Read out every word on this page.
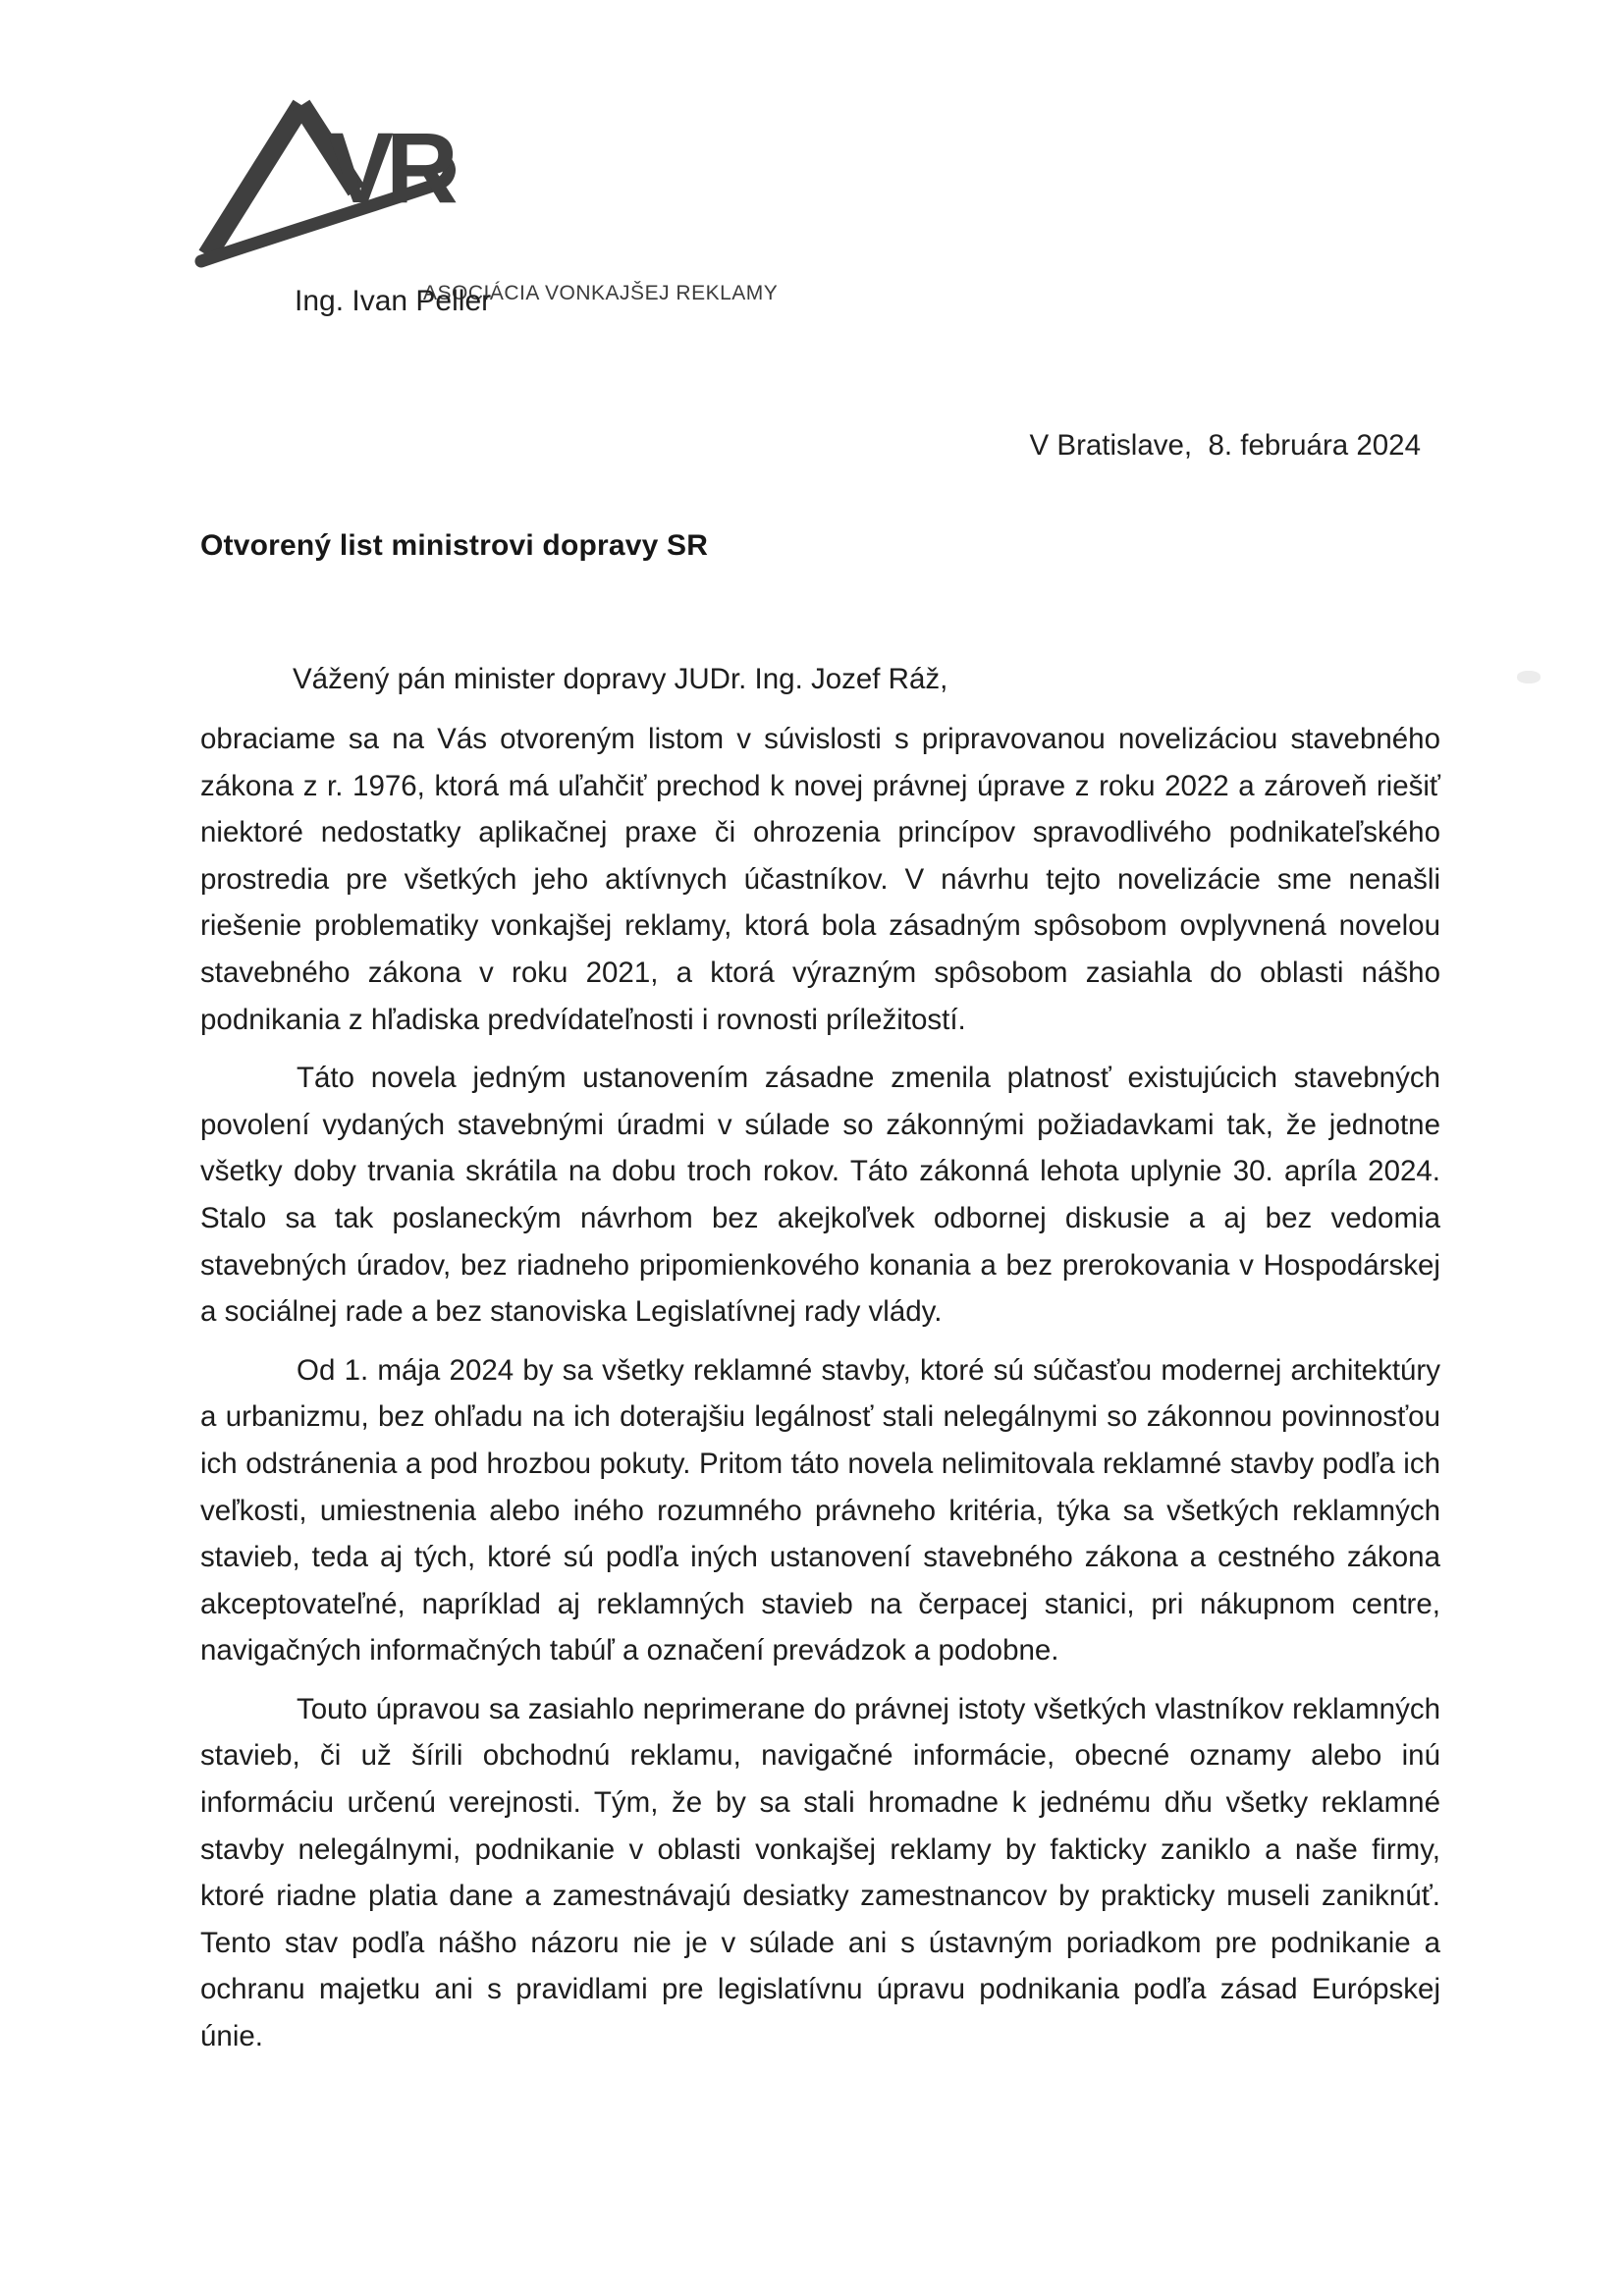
VR
ASOCIÁCIA VONKAJŠEJ REKLAMY
Ing. Ivan Peller
V Bratislave,  8. februára 2024
Otvorený list ministrovi dopravy SR
Vážený pán minister dopravy JUDr. Ing. Jozef Ráž,

obraciame sa na Vás otvoreným listom v súvislosti s pripravovanou novelizáciou stavebného zákona z r. 1976, ktorá má uľahčiť prechod k novej právnej úprave z roku 2022 a zároveň riešiť niektoré nedostatky aplikačnej praxe či ohrozenia princípov spravodlivého podnikateľského prostredia pre všetkých jeho aktívnych účastníkov. V návrhu tejto novelizácie sme nenašli riešenie problematiky vonkajšej reklamy, ktorá bola zásadným spôsobom ovplyvnená novelou stavebného zákona v roku 2021, a ktorá výrazným spôsobom zasiahla do oblasti nášho podnikania z hľadiska predvídateľnosti i rovnosti príležitostí.

Táto novela jedným ustanovením zásadne zmenila platnosť existujúcich stavebných povolení vydaných stavebnými úradmi v súlade so zákonnými požiadavkami tak, že jednotne všetky doby trvania skrátila na dobu troch rokov. Táto zákonná lehota uplynie 30. apríla 2024. Stalo sa tak poslaneckým návrhom bez akejkoľvek odbornej diskusie a aj bez vedomia stavebných úradov, bez riadneho pripomienkového konania a bez prerokovania v Hospodárskej a sociálnej rade a bez stanoviska Legislatívnej rady vlády.

Od 1. mája 2024 by sa všetky reklamné stavby, ktoré sú súčasťou modernej architektúry a urbanizmu, bez ohľadu na ich doterajšiu legálnosť stali nelegálnymi so zákonnou povinnosťou ich odstránenia a pod hrozbou pokuty. Pritom táto novela nelimitovala reklamné stavby podľa ich veľkosti, umiestnenia alebo iného rozumného právneho kritéria, týka sa všetkých reklamných stavieb, teda aj tých, ktoré sú podľa iných ustanovení stavebného zákona a cestného zákona akceptovateľné, napríklad aj reklamných stavieb na čerpacej stanici, pri nákupnom centre, navigačných informačných tabúľ a označení prevádzok a podobne.

Touto úpravou sa zasiahlo neprimerane do právnej istoty všetkých vlastníkov reklamných stavieb, či už šírili obchodnú reklamu, navigačné informácie, obecné oznamy alebo inú informáciu určenú verejnosti. Tým, že by sa stali hromadne k jednému dňu všetky reklamné stavby nelegálnymi, podnikanie v oblasti vonkajšej reklamy by fakticky zaniklo a naše firmy, ktoré riadne platia dane a zamestnávajú desiatky zamestnancov by prakticky museli zaniknúť. Tento stav podľa nášho názoru nie je v súlade ani s ústavným poriadkom pre podnikanie a ochranu majetku ani s pravidlami pre legislatívnu úpravu podnikania podľa zásad Európskej únie.
